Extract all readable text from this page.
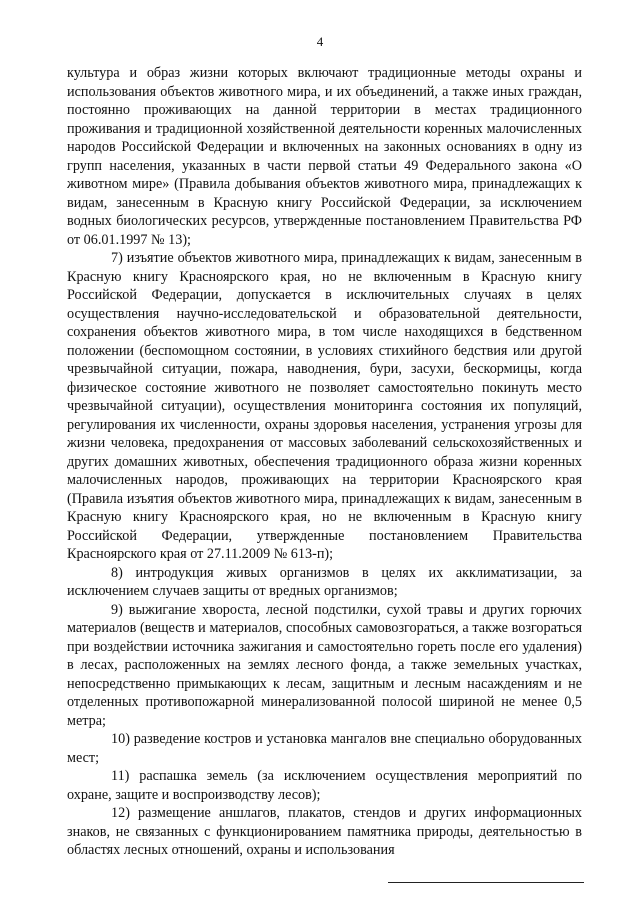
4

культура и образ жизни которых включают традиционные методы охраны и использования объектов животного мира, и их объединений, а также иных граждан, постоянно проживающих на данной территории в местах традиционного проживания и традиционной хозяйственной деятельности коренных малочисленных народов Российской Федерации и включенных на законных основаниях в одну из групп населения, указанных в части первой статьи 49 Федерального закона «О животном мире» (Правила добывания объектов животного мира, принадлежащих к видам, занесенным в Красную книгу Российской Федерации, за исключением водных биологических ресурсов, утвержденные постановлением Правительства РФ от 06.01.1997 № 13);

7) изъятие объектов животного мира, принадлежащих к видам, занесенным в Красную книгу Красноярского края, но не включенным в Красную книгу Российской Федерации, допускается в исключительных случаях в целях осуществления научно-исследовательской и образовательной деятельности, сохранения объектов животного мира, в том числе находящихся в бедственном положении (беспомощном состоянии, в условиях стихийного бедствия или другой чрезвычайной ситуации, пожара, наводнения, бури, засухи, бескормицы, когда физическое состояние животного не позволяет самостоятельно покинуть место чрезвычайной ситуации), осуществления мониторинга состояния их популяций, регулирования их численности, охраны здоровья населения, устранения угрозы для жизни человека, предохранения от массовых заболеваний сельскохозяйственных и других домашних животных, обеспечения традиционного образа жизни коренных малочисленных народов, проживающих на территории Красноярского края (Правила изъятия объектов животного мира, принадлежащих к видам, занесенным в Красную книгу Красноярского края, но не включенным в Красную книгу Российской Федерации, утвержденные постановлением Правительства Красноярского края от 27.11.2009 № 613-п);

8) интродукция живых организмов в целях их акклиматизации, за исключением случаев защиты от вредных организмов;

9) выжигание хвороста, лесной подстилки, сухой травы и других горючих материалов (веществ и материалов, способных самовозгораться, а также возгораться при воздействии источника зажигания и самостоятельно гореть после его удаления) в лесах, расположенных на землях лесного фонда, а также земельных участках, непосредственно примыкающих к лесам, защитным и лесным насаждениям и не отделенных противопожарной минерализованной полосой шириной не менее 0,5 метра;

10) разведение костров и установка мангалов вне специально оборудованных мест;

11) распашка земель (за исключением осуществления мероприятий по охране, защите и воспроизводству лесов);

12) размещение аншлагов, плакатов, стендов и других информационных знаков, не связанных с функционированием памятника природы, деятельностью в областях лесных отношений, охраны и использования
